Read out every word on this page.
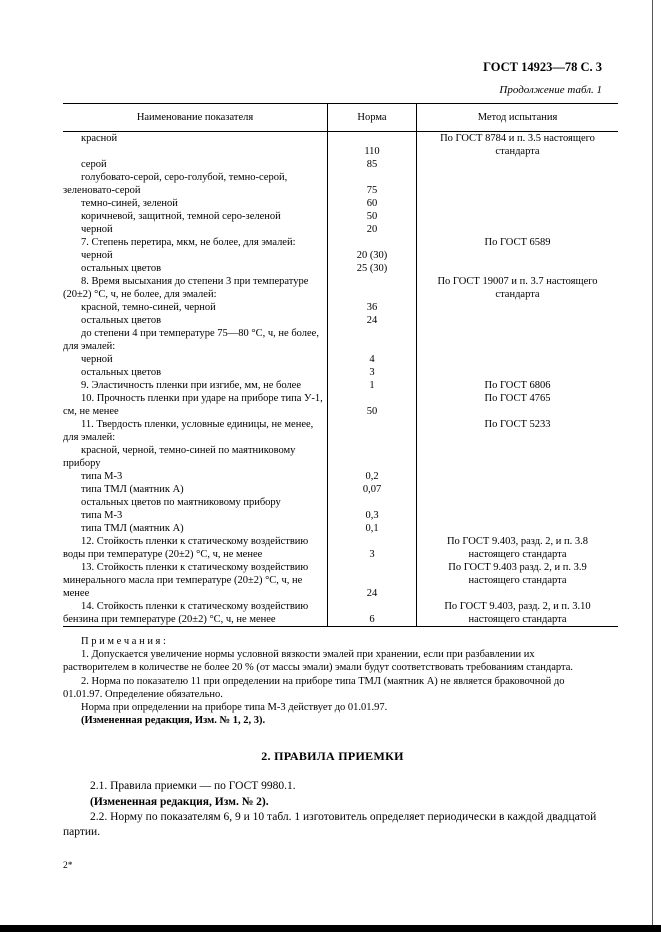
ГОСТ 14923—78 С. 3
Продолжение табл. 1
Наименование показателя	Норма	Метод испытания
красной	110	По ГОСТ 8784 и п. 3.5 настоящего стандарта
серой	85	
голубовато-серой, серо-голубой, темно-серой, зеленовато-серой	75	
темно-синей, зеленой	60	
коричневой, защитной, темной серо-зеленой	50	
черной	20	
7. Степень перетира, мкм, не более, для эмалей:		По ГОСТ 6589
черной	20 (30)	
остальных цветов	25 (30)	
8. Время высыхания до степени 3 при температуре (20±2) °С, ч, не более, для эмалей:		По ГОСТ 19007 и п. 3.7 настоящего стандарта
красной, темно-синей, черной	36	
остальных цветов	24	
до степени 4 при температуре 75—80 °С, ч, не более, для эмалей:		
черной	4	
остальных цветов	3	
9. Эластичность пленки при изгибе, мм, не более	1	По ГОСТ 6806
10. Прочность пленки при ударе на приборе типа У-1, см, не менее	50	По ГОСТ 4765
11. Твердость пленки, условные единицы, не менее, для эмалей:		По ГОСТ 5233
красной, черной, темно-синей по маятниковому прибору		
типа М-3	0,2	
типа ТМЛ (маятник А)	0,07	
остальных цветов по маятниковому прибору		
типа М-3	0,3	
типа ТМЛ (маятник А)	0,1	
12. Стойкость пленки к статическому воздействию воды при температуре (20±2) °С, ч, не менее	3	По ГОСТ 9.403, разд. 2, и п. 3.8 настоящего стандарта
13. Стойкость пленки к статическому воздействию минерального масла при температуре (20±2) °С, ч, не менее	24	По ГОСТ 9.403 разд. 2, и п. 3.9 настоящего стандарта
14. Стойкость пленки к статическому воздействию бензина при температуре (20±2) °С, ч, не менее	6	По ГОСТ 9.403, разд. 2, и п. 3.10 настоящего стандарта

П р и м е ч а н и я :

1. Допускается увеличение нормы условной вязкости эмалей при хранении, если при разбавлении их растворителем в количестве не более 20 % (от массы эмали) эмали будут соответствовать требованиям стандарта.

2. Норма по показателю 11 при определении на приборе типа ТМЛ (маятник А) не является браковочной до 01.01.97. Определение обязательно.

Норма при определении на приборе типа М-3 действует до 01.01.97.

(Измененная редакция, Изм. № 1, 2, 3).

2. ПРАВИЛА ПРИЕМКИ

2.1. Правила приемки — по ГОСТ 9980.1.

(Измененная редакция, Изм. № 2).

2.2. Норму по показателям 6, 9 и 10 табл. 1 изготовитель определяет периодически в каждой двадцатой партии.

2*
